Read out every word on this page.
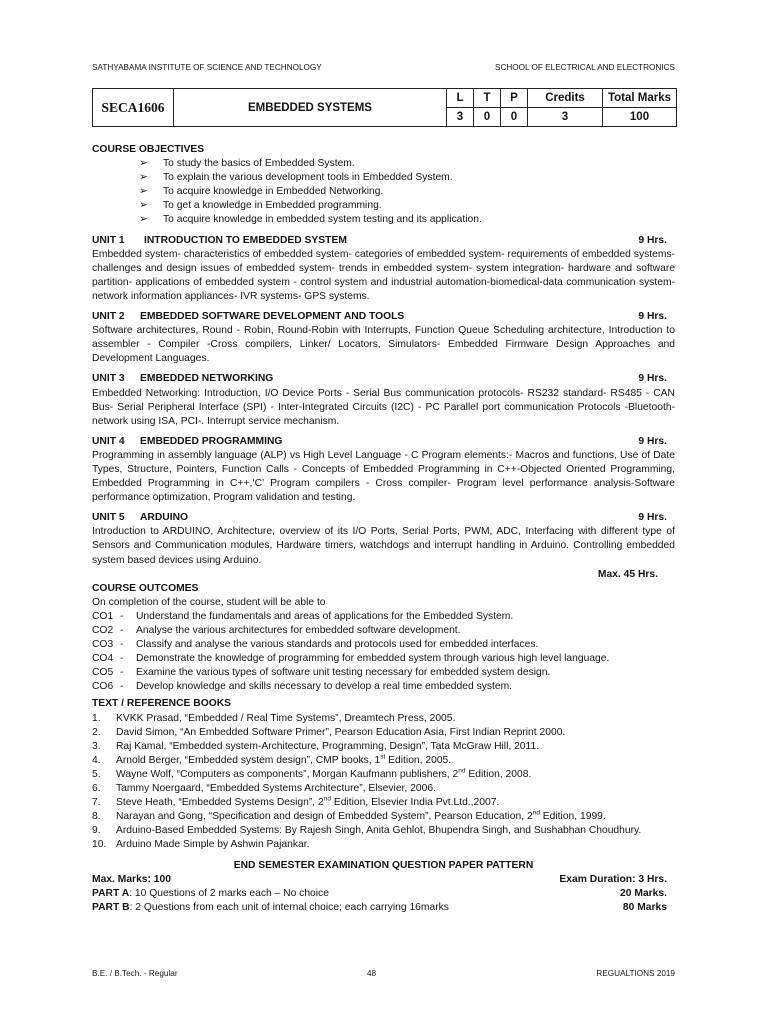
SATHYABAMA INSTITUTE OF SCIENCE AND TECHNOLOGY	SCHOOL OF ELECTRICAL AND ELECTRONICS
SECA1606	EMBEDDED SYSTEMS	L	T	P	Credits	Total Marks
		3	0	0	3	100
COURSE OBJECTIVES
➢ To study the basics of Embedded System.
➢ To explain the various development tools in Embedded System.
➢ To acquire knowledge in Embedded Networking.
➢ To get a knowledge in Embedded programming.
➢ To acquire knowledge in embedded system testing and its application.
UNIT 1 INTRODUCTION TO EMBEDDED SYSTEM	9 Hrs.
Embedded system- characteristics of embedded system- categories of embedded system- requirements of embedded systems- challenges and design issues of embedded system- trends in embedded system- system integration- hardware and software partition- applications of embedded system - control system and industrial automation-biomedical-data communication system-network information appliances- IVR systems- GPS systems.
UNIT 2 EMBEDDED SOFTWARE DEVELOPMENT AND TOOLS	9 Hrs.
Software architectures, Round - Robin, Round-Robin with Interrupts, Function Queue Scheduling architecture, Introduction to assembler - Compiler -Cross compilers, Linker/ Locators, Simulators- Embedded Firmware Design Approaches and Development Languages.
UNIT 3 EMBEDDED NETWORKING	9 Hrs.
Embedded Networking: Introduction, I/O Device Ports - Serial Bus communication protocols- RS232 standard- RS485 - CAN Bus- Serial Peripheral Interface (SPI) - Inter-Integrated Circuits (I2C) - PC Parallel port communication Protocols -Bluetooth- network using ISA, PCI-. Interrupt service mechanism.
UNIT 4 EMBEDDED PROGRAMMING	9 Hrs.
Programming in assembly language (ALP) vs High Level Language - C Program elements:- Macros and functions, Use of Date Types, Structure, Pointers, Function Calls - Concepts of Embedded Programming in C++-Objected Oriented Programming, Embedded Programming in C++,‘C’ Program compilers - Cross compiler- Program level performance analysis-Software performance optimization, Program validation and testing.
UNIT 5 ARDUINO	9 Hrs.
Introduction to ARDUINO, Architecture, overview of its I/O Ports, Serial Ports, PWM, ADC, Interfacing with different type of Sensors and Communication modules, Hardware timers, watchdogs and interrupt handling in Arduino. Controlling embedded system based devices using Arduino.
Max. 45 Hrs.
COURSE OUTCOMES
On completion of the course, student will be able to
CO1 -	Understand the fundamentals and areas of applications for the Embedded System.
CO2 -	Analyse the various architectures for embedded software development.
CO3 -	Classify and analyse the various standards and protocols used for embedded interfaces.
CO4 -	Demonstrate the knowledge of programming for embedded system through various high level language.
CO5 -	Examine the various types of software unit testing necessary for embedded system design.
CO6 -	Develop knowledge and skills necessary to develop a real time embedded system.
TEXT / REFERENCE BOOKS
1.	KVKK Prasad, “Embedded / Real Time Systems”, Dreamtech Press, 2005.
2.	David Simon, “An Embedded Software Primer”, Pearson Education Asia, First Indian Reprint 2000.
3.	Raj Kamal, “Embedded system-Architecture, Programming, Design”, Tata McGraw Hill, 2011.
4.	Arnold Berger, “Embedded system design”, CMP books, 1st Edition, 2005.
5.	Wayne Wolf, “Computers as components”, Morgan Kaufmann publishers, 2nd Edition, 2008.
6.	Tammy Noergaard, “Embedded Systems Architecture”, Elsevier, 2006.
7.	Steve Heath, “Embedded Systems Design”, 2nd Edition, Elsevier India Pvt.Ltd.,2007.
8.	Narayan and Gong, “Specification and design of Embedded System”, Pearson Education, 2nd Edition, 1999.
9.	Arduino-Based Embedded Systems: By Rajesh Singh, Anita Gehlot, Bhupendra Singh, and Sushabhan Choudhury.
10. Arduino Made Simple by Ashwin Pajankar.
END SEMESTER EXAMINATION QUESTION PAPER PATTERN
Max. Marks: 100	Exam Duration: 3 Hrs.
PART A: 10 Questions of 2 marks each – No choice	20 Marks.
PART B: 2 Questions from each unit of internal choice; each carrying 16marks	80 Marks
B.E. / B.Tech. - Regular	48	REGUALTIONS 2019
